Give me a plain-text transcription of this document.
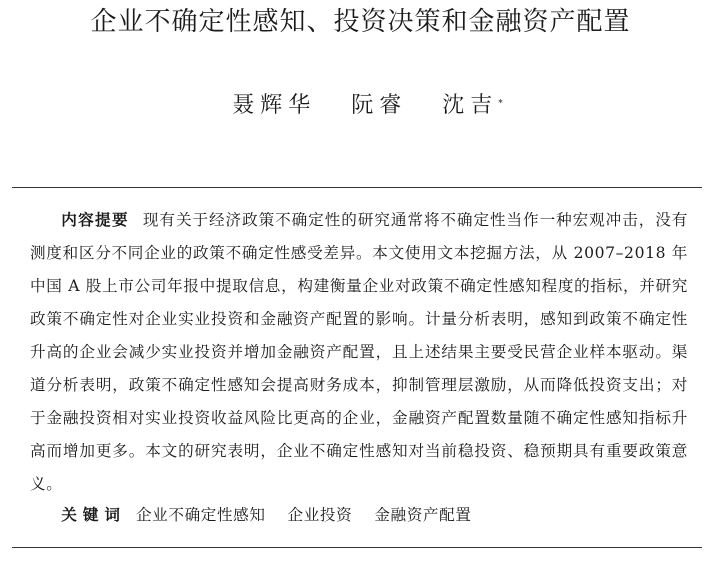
企业不确定性感知、投资决策和金融资产配置
聂辉华 阮睿 沈吉*

内容提要 现有关于经济政策不确定性的研究通常将不确定性当作一种宏观冲击，没有测度和区分不同企业的政策不确定性感受差异。本文使用文本挖掘方法，从 2007–2018 年中国 A 股上市公司年报中提取信息，构建衡量企业对政策不确定性感知程度的指标，并研究政策不确定性对企业实业投资和金融资产配置的影响。计量分析表明，感知到政策不确定性升高的企业会减少实业投资并增加金融资产配置，且上述结果主要受民营企业样本驱动。渠道分析表明，政策不确定性感知会提高财务成本，抑制管理层激励，从而降低投资支出；对于金融投资相对实业投资收益风险比更高的企业，金融资产配置数量随不确定性感知指标升高而增加更多。本文的研究表明，企业不确定性感知对当前稳投资、稳预期具有重要政策意义。

关键词 企业不确定性感知 企业投资 金融资产配置
